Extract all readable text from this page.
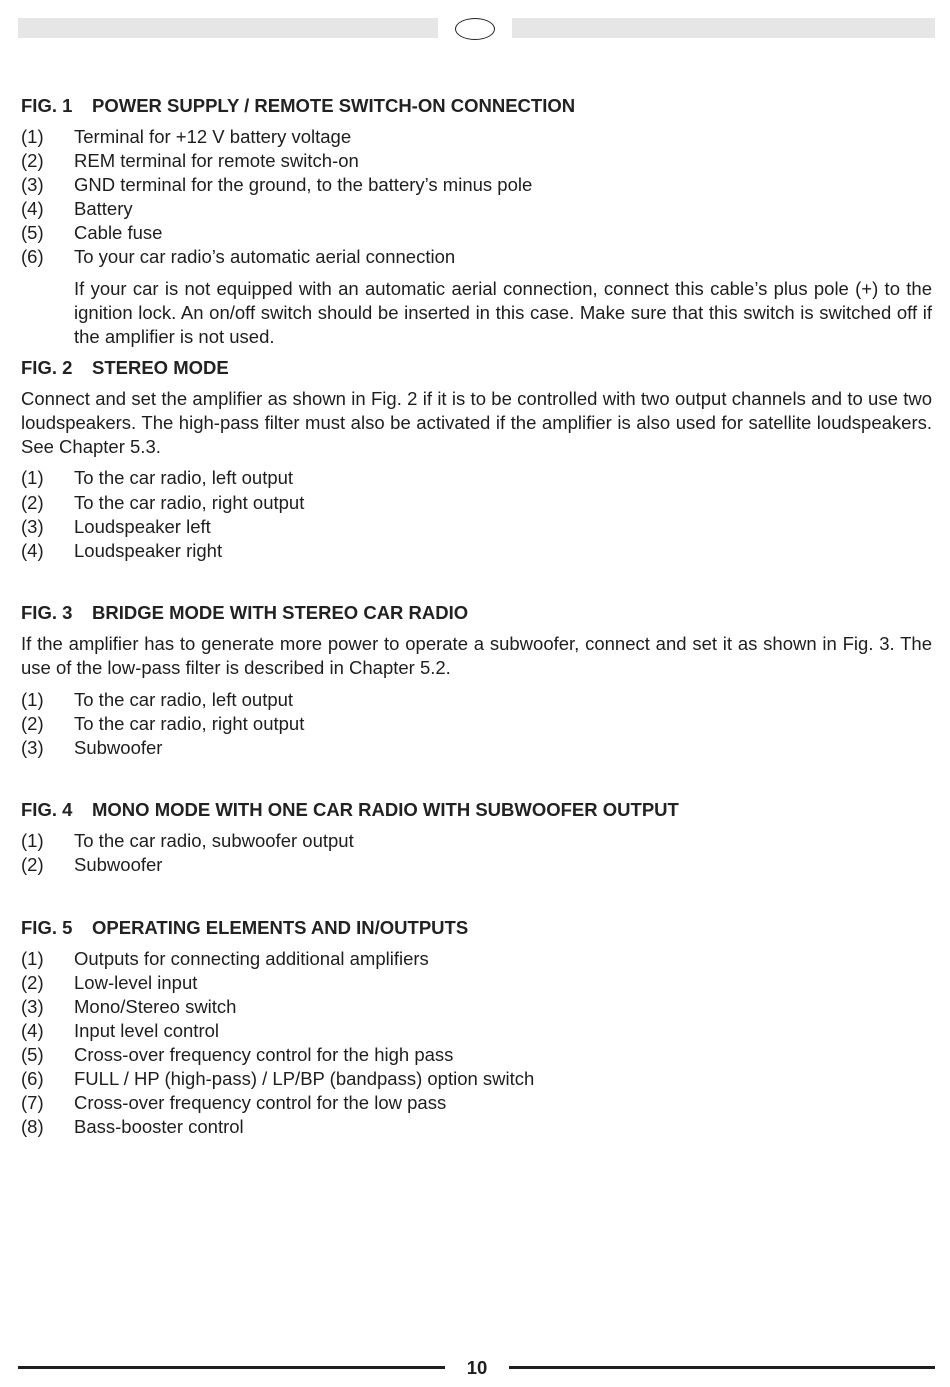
FIG. 1 POWER SUPPLY / REMOTE SWITCH-ON CONNECTION
(1) Terminal for +12 V battery voltage
(2) REM terminal for remote switch-on
(3) GND terminal for the ground, to the battery’s minus pole
(4) Battery
(5) Cable fuse
(6) To your car radio’s automatic aerial connection
If your car is not equipped with an automatic aerial connection, connect this cable’s plus pole (+) to the ignition lock. An on/off switch should be inserted in this case. Make sure that this switch is switched off if the amplifier is not used.
FIG. 2 STEREO MODE
Connect and set the amplifier as shown in Fig. 2 if it is to be controlled with two output channels and to use two loudspeakers. The high-pass filter must also be activated if the amplifier is also used for satellite loudspeakers. See Chapter 5.3.
(1) To the car radio, left output
(2) To the car radio, right output
(3) Loudspeaker left
(4) Loudspeaker right
FIG. 3 BRIDGE MODE WITH STEREO CAR RADIO
If the amplifier has to generate more power to operate a subwoofer, connect and set it as shown in Fig. 3. The use of the low-pass filter is described in Chapter 5.2.
(1) To the car radio, left output
(2) To the car radio, right output
(3) Subwoofer
FIG. 4 MONO MODE WITH ONE CAR RADIO WITH SUBWOOFER OUTPUT
(1) To the car radio, subwoofer output
(2) Subwoofer
FIG. 5 OPERATING ELEMENTS AND IN/OUTPUTS
(1) Outputs for connecting additional amplifiers
(2) Low-level input
(3) Mono/Stereo switch
(4) Input level control
(5) Cross-over frequency control for the high pass
(6) FULL / HP (high-pass) / LP/BP (bandpass) option switch
(7) Cross-over frequency control for the low pass
(8) Bass-booster control
10
